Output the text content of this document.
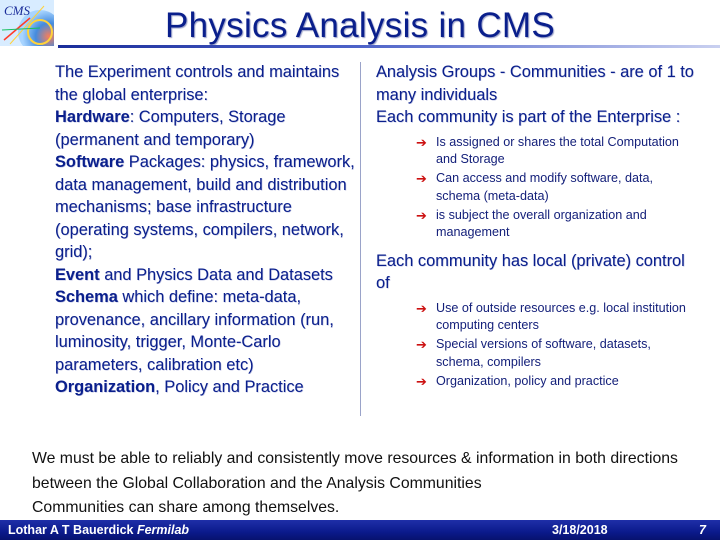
CMS	Physics Analysis in CMS

The Experiment controls and maintains the global enterprise:

Hardware: Computers, Storage (permanent and temporary)

Software Packages: physics, framework, data management, build and distribution mechanisms; base infrastructure (operating systems, compilers, network, grid);

Event and Physics Data and Datasets

Schema which define: meta-data, provenance, ancillary information (run, luminosity, trigger, Monte-Carlo parameters, calibration etc)

Organization, Policy and Practice

Analysis Groups - Communities - are of 1 to many individuals

Each community is part of the Enterprise :

➔ Is assigned or shares the total Computation and Storage
➔ Can access and modify software, data, schema (meta-data)
➔ is subject the overall organization and management

Each community has local (private) control of

➔ Use of outside resources e.g. local institution computing centers
➔ Special versions of software, datasets, schema, compilers
➔ Organization, policy and practice
We must be able to reliably and consistently move resources & information in both directions between the Global Collaboration and the Analysis Communities
Communities can share among themselves.
Lothar A T Bauerdick Fermilab	3/18/2018	7
